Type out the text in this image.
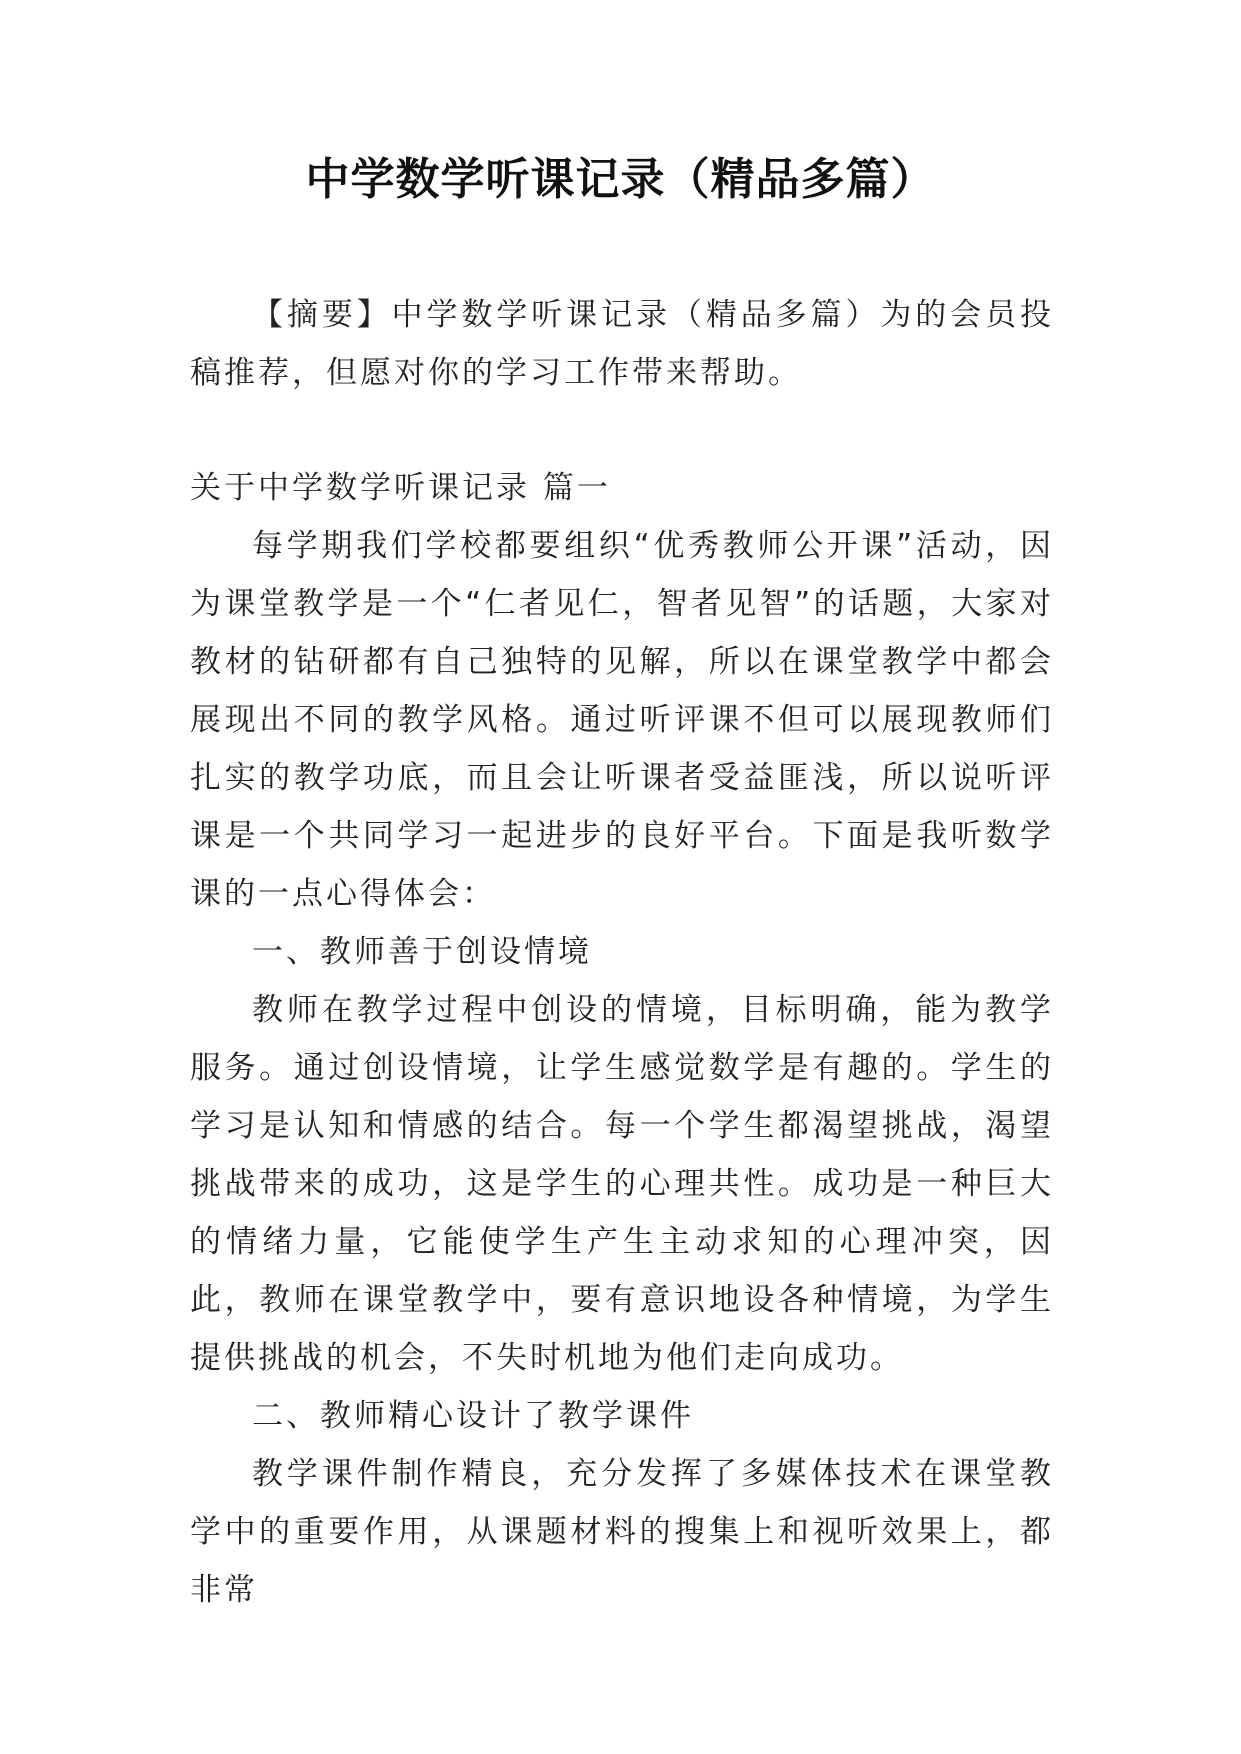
中学数学听课记录（精品多篇）

【摘要】中学数学听课记录（精品多篇）为的会员投稿推荐，但愿对你的学习工作带来帮助。

关于中学数学听课记录 篇一

每学期我们学校都要组织“优秀教师公开课”活动，因为课堂教学是一个“仁者见仁，智者见智”的话题，大家对教材的钻研都有自己独特的见解，所以在课堂教学中都会展现出不同的教学风格。通过听评课不但可以展现教师们扎实的教学功底，而且会让听课者受益匪浅，所以说听评课是一个共同学习一起进步的良好平台。下面是我听数学课的一点心得体会：

一、教师善于创设情境

教师在教学过程中创设的情境，目标明确，能为教学服务。通过创设情境，让学生感觉数学是有趣的。学生的学习是认知和情感的结合。每一个学生都渴望挑战，渴望挑战带来的成功，这是学生的心理共性。成功是一种巨大的情绪力量，它能使学生产生主动求知的心理冲突，因此，教师在课堂教学中，要有意识地设各种情境，为学生提供挑战的机会，不失时机地为他们走向成功。

二、教师精心设计了教学课件

教学课件制作精良，充分发挥了多媒体技术在课堂教学中的重要作用，从课题材料的搜集上和视听效果上，都非常
